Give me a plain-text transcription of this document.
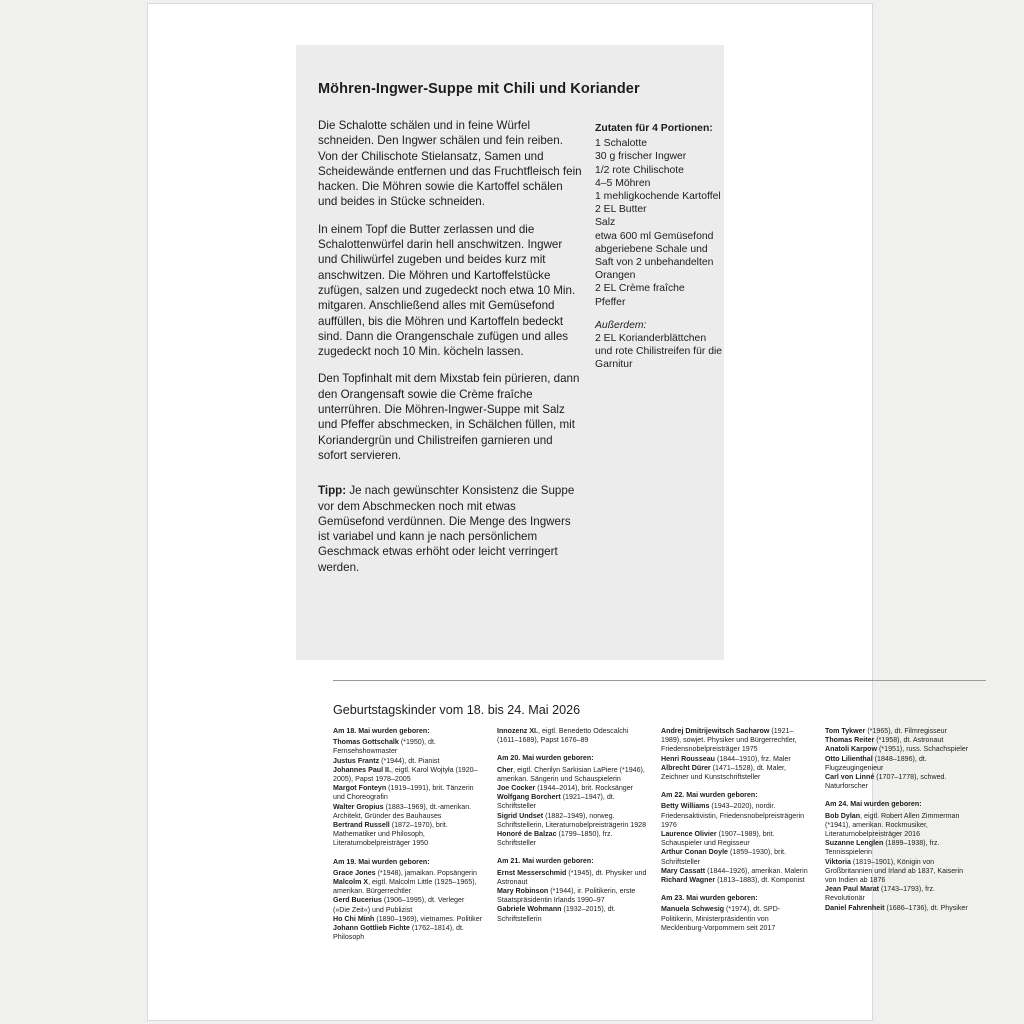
Möhren-Ingwer-Suppe mit Chili und Koriander

Die Schalotte schälen und in feine Würfel schneiden. Den Ingwer schälen und fein reiben. Von der Chilischote Stielansatz, Samen und Scheidewände entfernen und das Fruchtfleisch fein hacken. Die Möhren sowie die Kartoffel schälen und beides in Stücke schneiden.

In einem Topf die Butter zerlassen und die Schalottenwürfel darin hell anschwitzen. Ingwer und Chiliwürfel zugeben und beides kurz mit anschwitzen. Die Möhren und Kartoffelstücke zufügen, salzen und zugedeckt noch etwa 10 Min. mitgaren. Anschließend alles mit Gemüsefond auffüllen, bis die Möhren und Kartoffeln bedeckt sind. Dann die Orangenschale zufügen und alles zugedeckt noch 10 Min. köcheln lassen.

Den Topfinhalt mit dem Mixstab fein pürieren, dann den Orangensaft sowie die Crème fraîche unterrühren. Die Möhren-Ingwer-Suppe mit Salz und Pfeffer abschmecken, in Schälchen füllen, mit Koriandergrün und Chilistreifen garnieren und sofort servieren.

Tipp: Je nach gewünschter Konsistenz die Suppe vor dem Abschmecken noch mit etwas Gemüsefond verdünnen. Die Menge des Ingwers ist variabel und kann je nach persönlichem Geschmack etwas erhöht oder leicht verringert werden.

Zutaten für 4 Portionen:
1 Schalotte
30 g frischer Ingwer
1/2 rote Chilischote
4–5 Möhren
1 mehligkochende Kartoffel
2 EL Butter
Salz
etwa 600 ml Gemüsefond
abgeriebene Schale und Saft von 2 unbehandelten Orangen
2 EL Crème fraîche
Pfeffer
Außerdem:
2 EL Korianderblättchen und rote Chilistreifen für die Garnitur
Geburtstagskinder vom 18. bis 24. Mai 2026
Am 18. Mai wurden geboren:
Thomas Gottschalk (*1950), dt. Fernsehshowmaster
Justus Frantz (*1944), dt. Pianist
Johannes Paul II., eigtl. Karol Wojtyła (1920–2005), Papst 1978–2005
Margot Fonteyn (1919–1991), brit. Tänzerin und Choreografin
Walter Gropius (1883–1969), dt.-amerikan. Architekt, Gründer des Bauhauses
Bertrand Russell (1872–1970), brit. Mathematiker und Philosoph, Literaturnobelpreisträger 1950
Am 19. Mai wurden geboren:
Grace Jones (*1948), jamaikan. Popsängerin
Malcolm X, eigtl. Malcolm Little (1925–1965), amerikan. Bürgerrechtler
Gerd Bucerius (1906–1995), dt. Verleger (»Die Zeit«) und Publizist
Ho Chi Minh (1890–1969), vietnames. Politiker
Johann Gottlieb Fichte (1762–1814), dt. Philosoph
Innozenz XI., eigtl. Benedetto Odescalchi (1611–1689), Papst 1676–89
Am 20. Mai wurden geboren:
Cher, eigtl. Cherilyn Sarkisian LaPiere (*1946), amerikan. Sängerin und Schauspielerin
Joe Cocker (1944–2014), brit. Rocksänger
Wolfgang Borchert (1921–1947), dt. Schriftsteller
Sigrid Undset (1882–1949), norweg. Schriftstellerin, Literaturnobelpreisträgerin 1928
Honoré de Balzac (1799–1850), frz. Schriftsteller
Am 21. Mai wurden geboren:
Ernst Messerschmid (*1945), dt. Physiker und Astronaut
Mary Robinson (*1944), ir. Politikerin, erste Staatspräsidentin Irlands 1990–97
Gabriele Wohmann (1932–2015), dt. Schriftstellerin
Andrej Dmitrijewitsch Sacharow (1921–1989), sowjet. Physiker und Bürgerrechtler, Friedensnobelpreisträger 1975
Henri Rousseau (1844–1910), frz. Maler
Albrecht Dürer (1471–1528), dt. Maler, Zeichner und Kunstschriftsteller
Am 22. Mai wurden geboren:
Betty Williams (1943–2020), nordir. Friedensaktivistin, Friedensnobelpreisträgerin 1976
Laurence Olivier (1907–1989), brit. Schauspieler und Regisseur
Arthur Conan Doyle (1859–1930), brit. Schriftsteller
Mary Cassatt (1844–1926), amerikan. Malerin
Richard Wagner (1813–1883), dt. Komponist
Am 23. Mai wurden geboren:
Manuela Schwesig (*1974), dt. SPD-Politikerin, Ministerpräsidentin von Mecklenburg-Vorpommern seit 2017
Tom Tykwer (*1965), dt. Filmregisseur
Thomas Reiter (*1958), dt. Astronaut
Anatoli Karpow (*1951), russ. Schachspieler
Otto Lilienthal (1848–1896), dt. Flugzeugingenieur
Carl von Linné (1707–1778), schwed. Naturforscher
Am 24. Mai wurden geboren:
Bob Dylan, eigtl. Robert Allen Zimmerman (*1941), amerikan. Rockmusiker, Literaturnobelpreisträger 2016
Suzanne Lenglen (1899–1938), frz. Tennisspielerin
Viktoria (1819–1901), Königin von Großbritannien und Irland ab 1837, Kaiserin von Indien ab 1876
Jean Paul Marat (1743–1793), frz. Revolutionär
Daniel Fahrenheit (1686–1736), dt. Physiker
